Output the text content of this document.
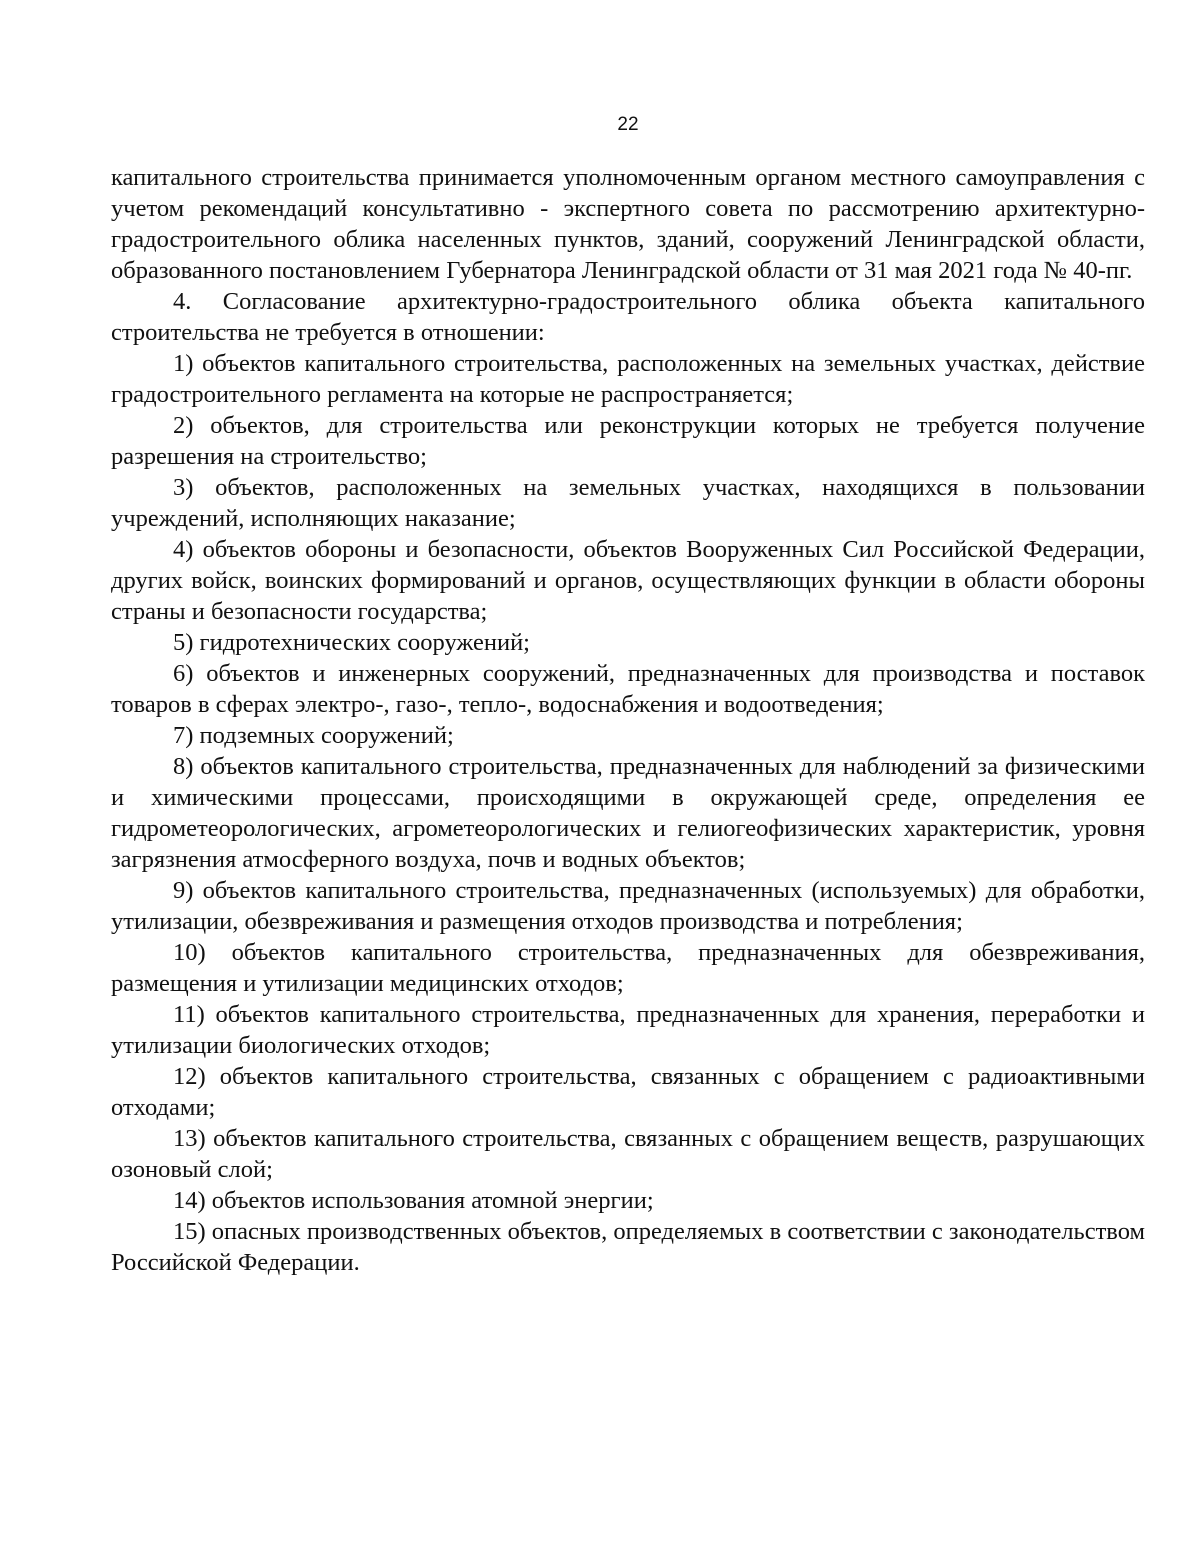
22

капитального строительства принимается уполномоченным органом местного самоуправления с учетом рекомендаций консультативно - экспертного совета по рассмотрению архитектурно-градостроительного облика населенных пунктов, зданий, сооружений Ленинградской области, образованного постановлением Губернатора Ленинградской области от 31 мая 2021 года № 40-пг.

4. Согласование архитектурно-градостроительного облика объекта капитального строительства не требуется в отношении:

1) объектов капитального строительства, расположенных на земельных участках, действие градостроительного регламента на которые не распространяется;

2) объектов, для строительства или реконструкции которых не требуется получение разрешения на строительство;

3) объектов, расположенных на земельных участках, находящихся в пользовании учреждений, исполняющих наказание;

4) объектов обороны и безопасности, объектов Вооруженных Сил Российской Федерации, других войск, воинских формирований и органов, осуществляющих функции в области обороны страны и безопасности государства;

5) гидротехнических сооружений;

6) объектов и инженерных сооружений, предназначенных для производства и поставок товаров в сферах электро-, газо-, тепло-, водоснабжения и водоотведения;

7) подземных сооружений;

8) объектов капитального строительства, предназначенных для наблюдений за физическими и химическими процессами, происходящими в окружающей среде, определения ее гидрометеорологических, агрометеорологических и гелиогеофизических характеристик, уровня загрязнения атмосферного воздуха, почв и водных объектов;

9) объектов капитального строительства, предназначенных (используемых) для обработки, утилизации, обезвреживания и размещения отходов производства и потребления;

10) объектов капитального строительства, предназначенных для обезвреживания, размещения и утилизации медицинских отходов;

11) объектов капитального строительства, предназначенных для хранения, переработки и утилизации биологических отходов;

12) объектов капитального строительства, связанных с обращением с радиоактивными отходами;

13) объектов капитального строительства, связанных с обращением веществ, разрушающих озоновый слой;

14) объектов использования атомной энергии;

15) опасных производственных объектов, определяемых в соответствии с законодательством Российской Федерации.
